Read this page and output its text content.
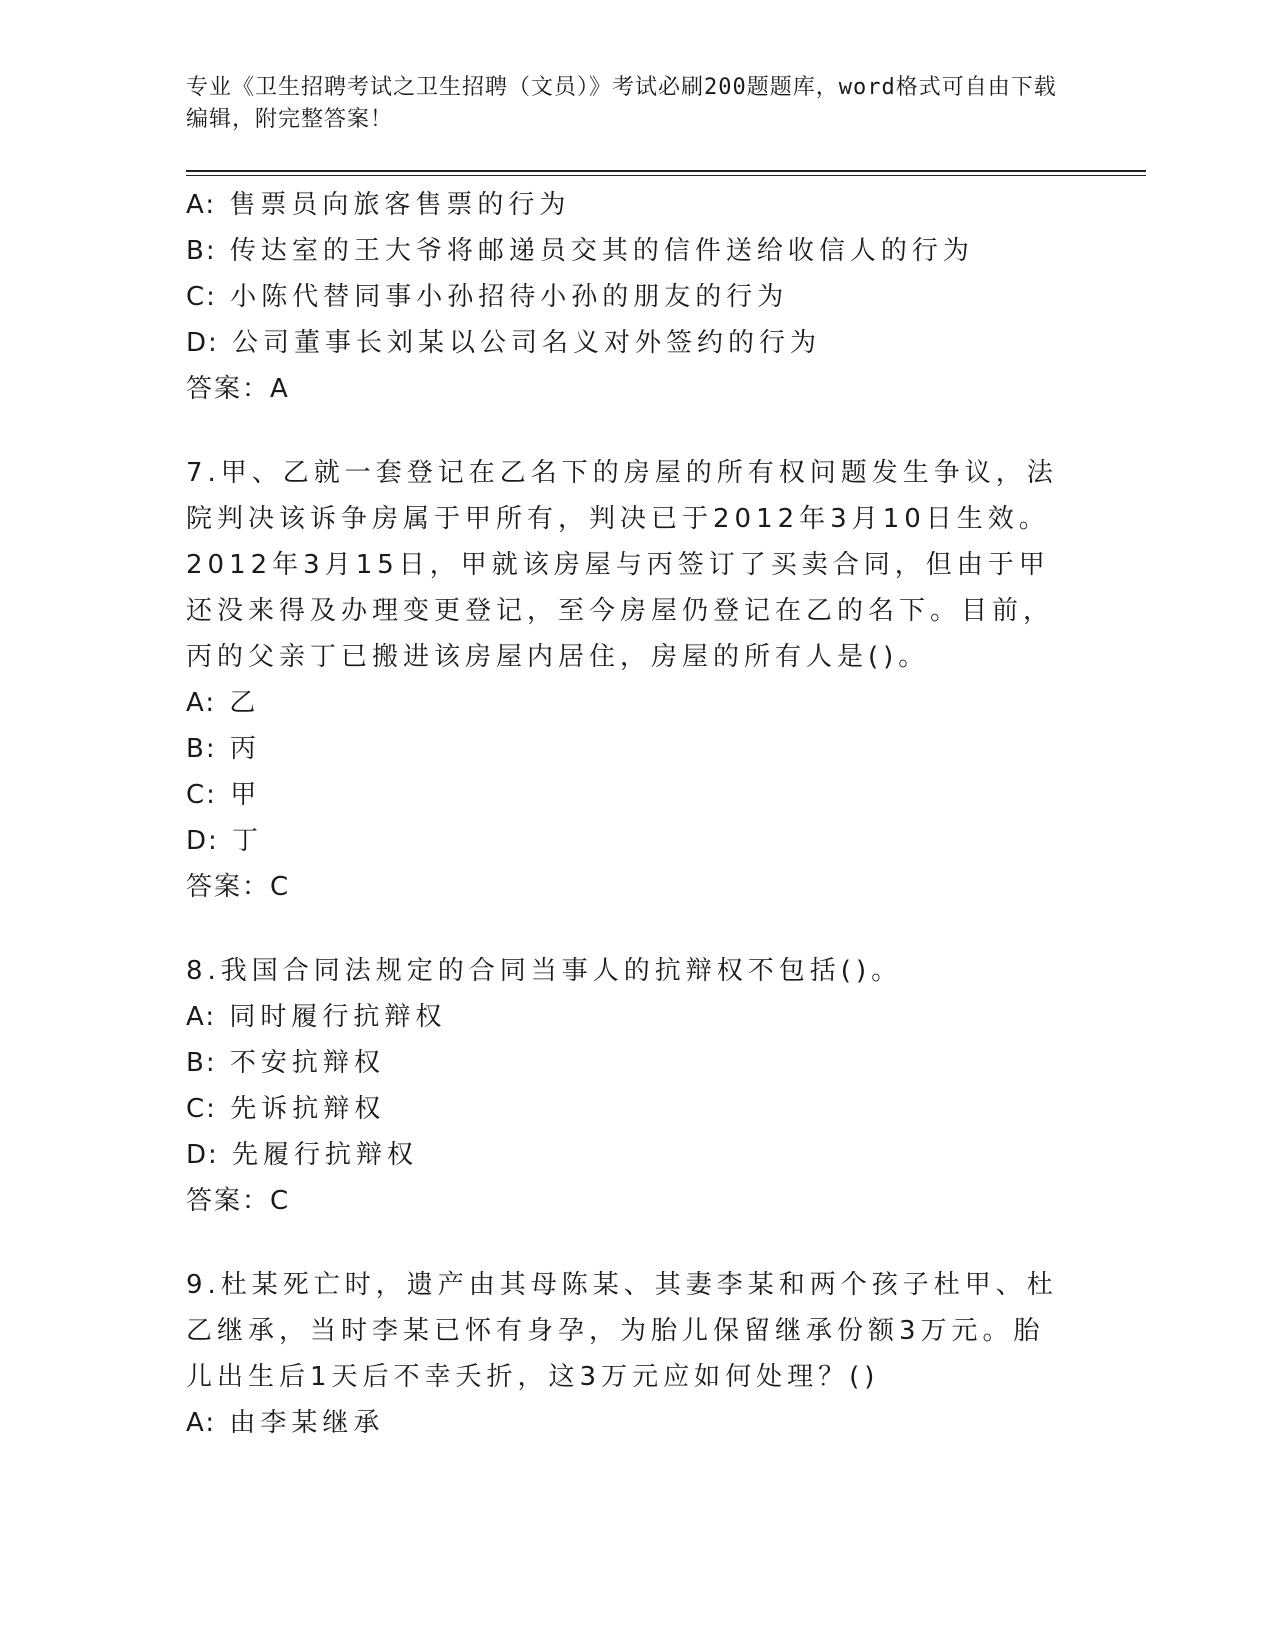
专业《卫生招聘考试之卫生招聘（文员）》考试必刷200题题库，word格式可自由下载编辑，附完整答案！

A: 售票员向旅客售票的行为

B: 传达室的王大爷将邮递员交其的信件送给收信人的行为

C: 小陈代替同事小孙招待小孙的朋友的行为

D: 公司董事长刘某以公司名义对外签约的行为

答案：A

7.甲、乙就一套登记在乙名下的房屋的所有权问题发生争议，法院判决该诉争房属于甲所有，判决已于2012年3月10日生效。2012年3月15日，甲就该房屋与丙签订了买卖合同，但由于甲还没来得及办理变更登记，至今房屋仍登记在乙的名下。目前，丙的父亲丁已搬进该房屋内居住，房屋的所有人是()。

A: 乙

B: 丙

C: 甲

D: 丁

答案：C

8.我国合同法规定的合同当事人的抗辩权不包括()。

A: 同时履行抗辩权

B: 不安抗辩权

C: 先诉抗辩权

D: 先履行抗辩权

答案：C

9.杜某死亡时，遗产由其母陈某、其妻李某和两个孩子杜甲、杜乙继承，当时李某已怀有身孕，为胎儿保留继承份额3万元。胎儿出生后1天后不幸夭折，这3万元应如何处理？()

A: 由李某继承
